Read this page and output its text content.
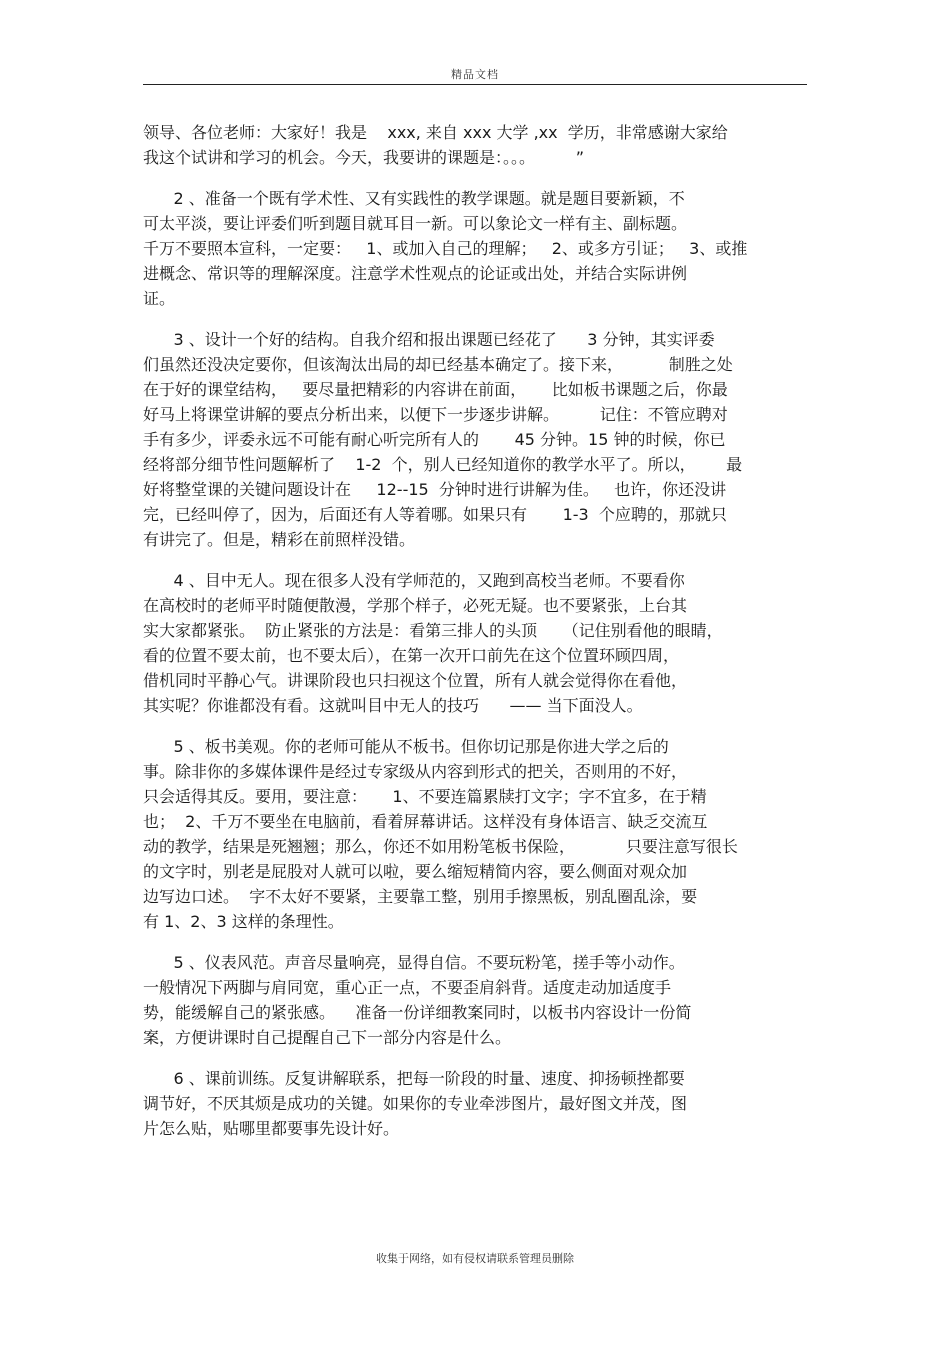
精品文档
领导、各位老师：大家好！我是    xxx, 来自 xxx 大学 ,xx  学历，非常感谢大家给
我这个试讲和学习的机会。今天，我要讲的课题是：。。。        ”
2 、准备一个既有学术性、又有实践性的教学课题。就是题目要新颖，不
可太平淡，要让评委们听到题目就耳目一新。可以象论文一样有主、副标题。
千万不要照本宣科，一定要：   1、或加入自己的理解；   2、或多方引证；   3、或推
进概念、常识等的理解深度。注意学术性观点的论证或出处，并结合实际讲例
证。
3 、设计一个好的结构。自我介绍和报出课题已经花了      3 分钟，其实评委
们虽然还没决定要你，但该淘汰出局的却已经基本确定了。接下来，         制胜之处
在于好的课堂结构，   要尽量把精彩的内容讲在前面，     比如板书课题之后，你最
好马上将课堂讲解的要点分析出来，以便下一步逐步讲解。        记住：不管应聘对
手有多少，评委永远不可能有耐心听完所有人的       45 分钟。15 钟的时候，你已
经将部分细节性问题解析了    1-2  个，别人已经知道你的教学水平了。所以，      最
好将整堂课的关键问题设计在     12--15  分钟时进行讲解为佳。   也许，你还没讲
完，已经叫停了，因为，后面还有人等着哪。如果只有       1-3  个应聘的，那就只
有讲完了。但是，精彩在前照样没错。
4 、目中无人。现在很多人没有学师范的，又跑到高校当老师。不要看你
在高校时的老师平时随便散漫，学那个样子，必死无疑。也不要紧张，上台其
实大家都紧张。  防止紧张的方法是：看第三排人的头顶     （记住别看他的眼睛，
看的位置不要太前，也不要太后），在第一次开口前先在这个位置环顾四周，
借机同时平静心气。讲课阶段也只扫视这个位置，所有人就会觉得你在看他，
其实呢？你谁都没有看。这就叫目中无人的技巧      —— 当下面没人。
5 、板书美观。你的老师可能从不板书。但你切记那是你进大学之后的
事。除非你的多媒体课件是经过专家级从内容到形式的把关，否则用的不好，
只会适得其反。要用，要注意：     1、不要连篇累牍打文字；字不宜多，在于精
也；  2、千万不要坐在电脑前，看着屏幕讲话。这样没有身体语言、缺乏交流互
动的教学，结果是死翘翘；那么，你还不如用粉笔板书保险，          只要注意写很长
的文字时，别老是屁股对人就可以啦，要么缩短精简内容，要么侧面对观众加
边写边口述。  字不太好不要紧，主要靠工整，别用手擦黑板，别乱圈乱涂，要
有 1、2、3 这样的条理性。
5 、仪表风范。声音尽量响亮，显得自信。不要玩粉笔，搓手等小动作。
一般情况下两脚与肩同宽，重心正一点，不要歪肩斜背。适度走动加适度手
势，能缓解自己的紧张感。    准备一份详细教案同时，以板书内容设计一份简
案，方便讲课时自己提醒自己下一部分内容是什么。
6 、课前训练。反复讲解联系，把每一阶段的时量、速度、抑扬顿挫都要
调节好，不厌其烦是成功的关键。如果你的专业牵涉图片，最好图文并茂，图
片怎么贴，贴哪里都要事先设计好。
收集于网络，如有侵权请联系管理员删除
